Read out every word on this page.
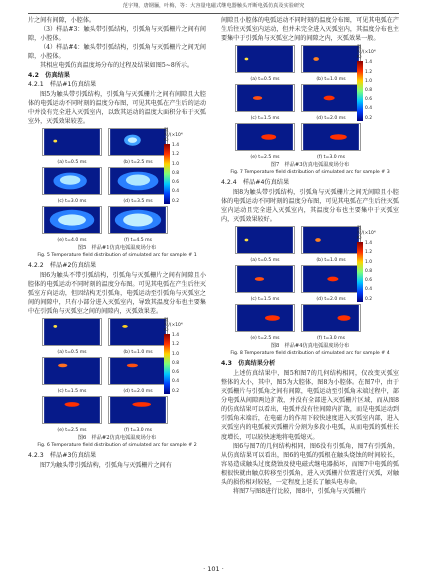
范宇翔，唐钢骊，叶梅，等：大容量电磁式继电器触头开断电弧仿真及实验研究

片之间有间隙，小腔体。

（3）样品#3：触头带引弧结构，引弧角与灭弧栅片之间有间隙，小腔体。

（4）样品#4：触头带引弧结构，引弧角与灭弧栅片之间无间隙，小腔体。

其相应电弧仿真温度场分布的过程及结果如图5~8所示。

4.2　仿真结果

4.2.1　样品#1仿真结果

图5为触头带引弧结构，引弧角与灭弧栅片之间有间隙且大腔体的电弧运动不同时刻的温度分布图，可见其电弧在产生后的运动中并没有完全进入灭弧室内，以致其运动的温度大面积分布于灭弧室外，灭弧效果较差。

温度/(×10⁴ K)
1.4
1.2
1.0
0.8
0.6
0.4
0.2
(a) t=0.5 ms	(b) t=2.5 ms
(c) t=3.0 ms	(d) t=3.5 ms
(e) t=4.0 ms	(f) t=4.5 ms
图5　样品#1仿真电弧温度场分布
Fig. 5 Temperature field distribution of simulated arc for sample # 1

4.2.2　样品#2仿真结果

图6为触头不带引弧结构，引弧角与灭弧栅片之间有间隙且小腔体的电弧运动不同时刻的温度分布图。可见其电弧在产生后往灭弧室方向运动，但因结构无引弧角，电弧运动至引弧角与灭弧室之间的间隙中，只有小部分进入灭弧室内，导致其温度分布也主要集中在引弧角与灭弧室之间的间隙内，灭弧效果差。

温度/(×10⁴ K)
1.4
1.2
1.0
0.8
0.6
0.4
0.2
(a) t=0.5 ms	(b) t=1.0 ms
(c) t=1.5 ms	(d) t=2.0 ms
(e) t=2.5 ms	(f) t=3.0 ms
图6　样品#2仿真电弧温度场分布
Fig. 6 Temperature field distribution of simulated arc for sample # 2

4.2.3　样品#3仿真结果

图7为触头带引弧结构，引弧角与灭弧栅片之间有

间隙且小腔体的电弧运动不同时刻的温度分布图，可见其电弧在产生后往灭弧室内运动，但并未完全进入灭弧室内，其温度分布也主要集中于引弧角与灭弧室之间的间隙之内，灭弧效果一般。

温度/(×10⁴ K)
1.4
1.2
1.0
0.8
0.6
0.4
0.2
(a) t=0.5 ms	(b) t=1.0 ms
(c) t=1.5 ms	(d) t=2.0 ms
(e) t=2.5 ms	(f) t=3.0 ms
图7　样品#3仿真电弧温度场分布
Fig. 7 Temperature field distribution of simulated arc for sample # 3

4.2.4　样品#4仿真结果

图8为触头带引弧结构，引弧角与灭弧栅片之间无间隙且小腔体的电弧运动不同时刻的温度分布图，可见其电弧在产生后往灭弧室内运动且完全进入灭弧室内，其温度分布也主要集中于灭弧室内，灭弧效果较好。

温度/(×10⁴ K)
1.4
1.2
1.0
0.8
0.6
0.4
0.2
(a) t=0.5 ms	(b) t=1.0 ms
(c) t=1.5 ms	(d) t=2.0 ms
(e) t=2.5 ms	(f) t=3.0 ms
图8　样品#4仿真电弧温度场分布
Fig. 8 Temperature field distribution of simulated arc for sample # 4

4.3　仿真结果分析

上述仿真结果中，图5和图7的几何结构相同，仅改变灭弧室整体的大小，其中，图5为大腔体，图8为小腔体。在图7中，由于灭弧栅片与引弧角之间有间隙，电弧运动至引弧角末端过程中，部分电弧从间隙两边扩散，并没有全部进入灭弧栅片区域，而从图8的仿真结果可以看出，电弧并没有往间隙内扩散，而是电弧运动到引弧角末端后，在电磁力的作用下较快速度进入灭弧室内部，进入灭弧室内的电弧被灭弧栅片分割为多段小电弧，从而电弧的弧柱长度增长，可以较快速地将电弧熄灭。

图6与图7的几何结构相同，图6没有引弧角，图7有引弧角，从仿真结果可以看出，图6的电弧的弧根在触头烧蚀的时间较长，容易造成触头过度烧蚀及使电磁式继电器损坏，而图7中电弧的弧根很快就由触点转移至引弧角，进入灭弧栅片位置进行灭弧，对触头的损伤相对较轻，一定程度上延长了触头电寿命。

将图7与图8进行比较，图8中，引弧角与灭弧栅片

· 101 ·
